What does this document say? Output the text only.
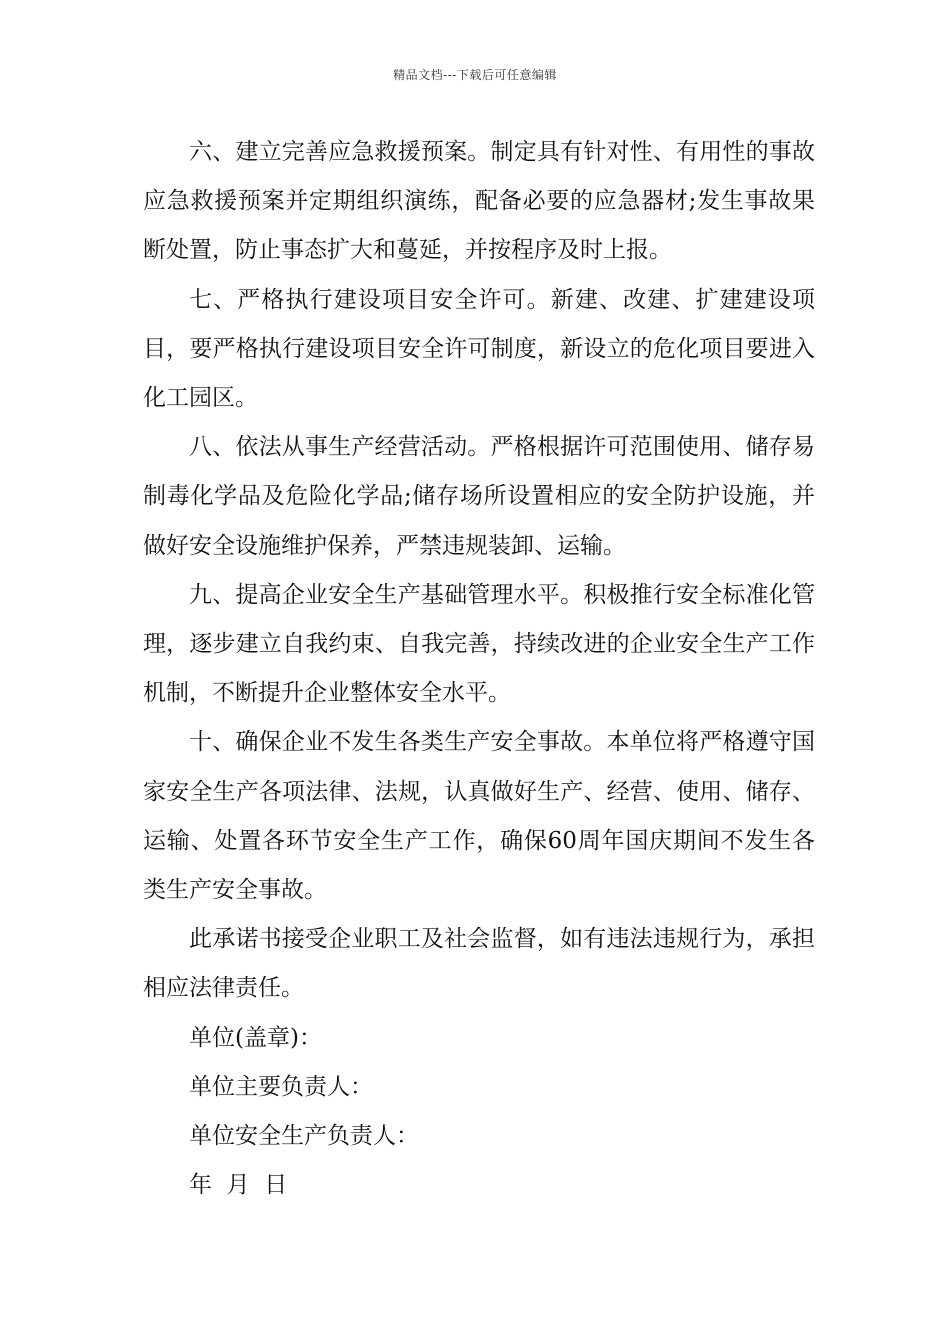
精品文档---下载后可任意编辑

六、建立完善应急救援预案。制定具有针对性、有用性的事故应急救援预案并定期组织演练，配备必要的应急器材;发生事故果断处置，防止事态扩大和蔓延，并按程序及时上报。

七、严格执行建设项目安全许可。新建、改建、扩建建设项目，要严格执行建设项目安全许可制度，新设立的危化项目要进入化工园区。

八、依法从事生产经营活动。严格根据许可范围使用、储存易制毒化学品及危险化学品;储存场所设置相应的安全防护设施，并做好安全设施维护保养，严禁违规装卸、运输。

九、提高企业安全生产基础管理水平。积极推行安全标准化管理，逐步建立自我约束、自我完善，持续改进的企业安全生产工作机制，不断提升企业整体安全水平。

十、确保企业不发生各类生产安全事故。本单位将严格遵守国家安全生产各项法律、法规，认真做好生产、经营、使用、储存、运输、处置各环节安全生产工作，确保60周年国庆期间不发生各类生产安全事故。

此承诺书接受企业职工及社会监督，如有违法违规行为，承担相应法律责任。

单位(盖章)：

单位主要负责人：

单位安全生产负责人：

年  月  日
